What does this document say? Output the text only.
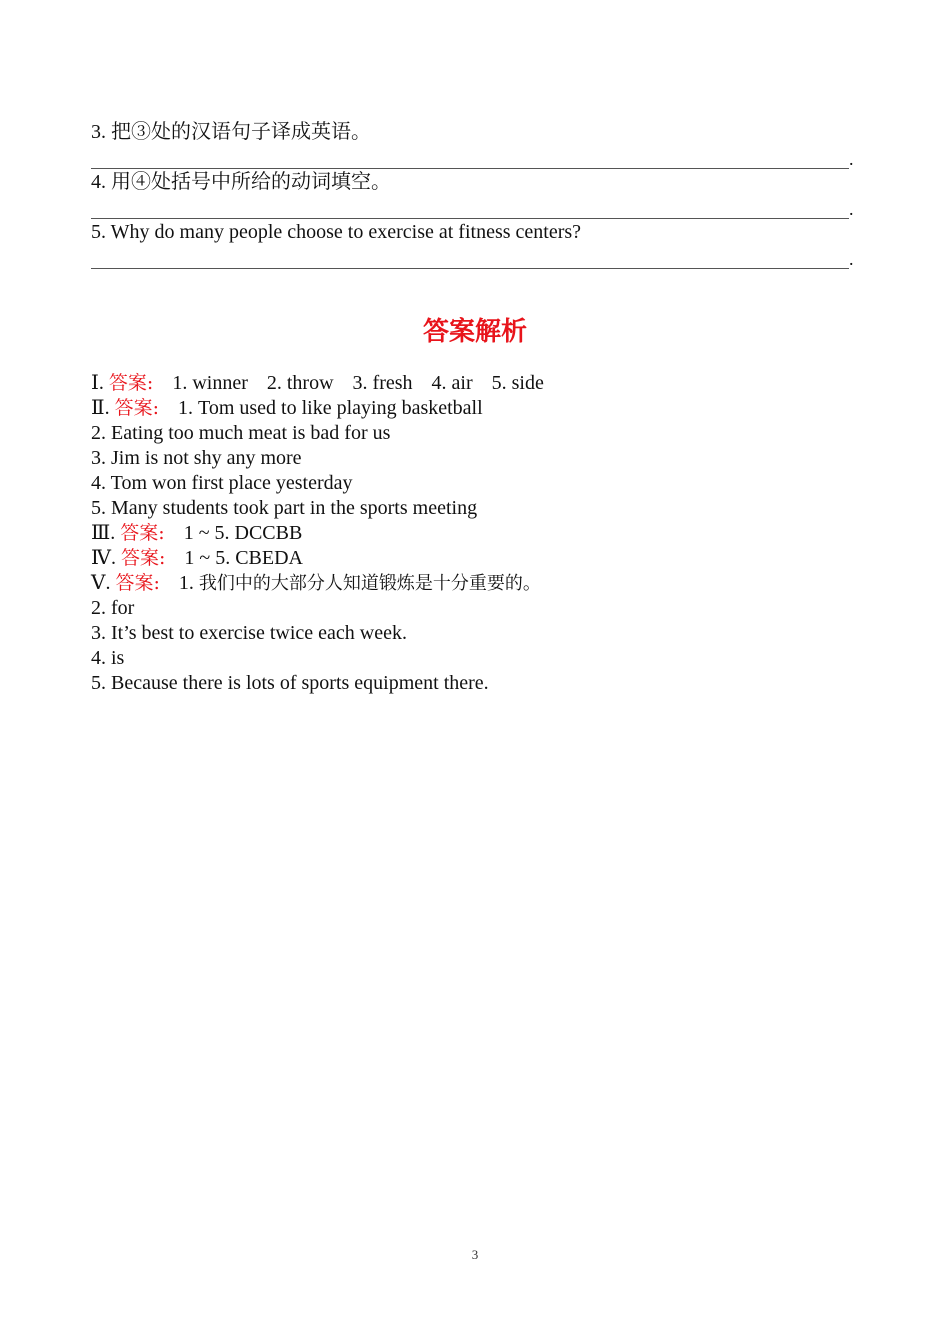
3. 把③处的汉语句子译成英语。
.
4. 用④处括号中所给的动词填空。
.
5. Why do many people choose to exercise at fitness centers?
.
答案解析
Ⅰ. 答案: 1. winner 2. throw 3. fresh 4. air 5. side
Ⅱ. 答案: 1. Tom used to like playing basketball
2. Eating too much meat is bad for us
3. Jim is not shy any more
4. Tom won first place yesterday
5. Many students took part in the sports meeting
Ⅲ. 答案: 1 ~ 5. DCCBB
Ⅳ. 答案: 1 ~ 5. CBEDA
Ⅴ. 答案: 1. 我们中的大部分人知道锻炼是十分重要的。
2. for
3. It’s best to exercise twice each week.
4. is
5. Because there is lots of sports equipment there.
3
